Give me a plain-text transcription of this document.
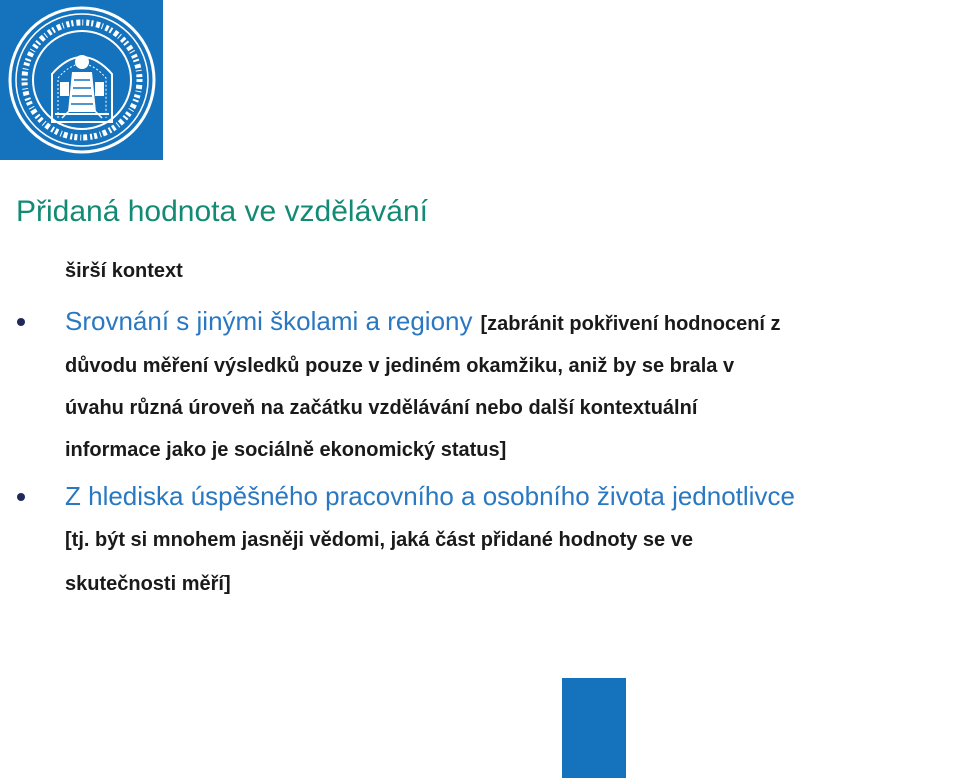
Přidaná hodnota ve vzdělávání
širší kontext
Srovnání s jinými školami a regiony [zabránit pokřivení hodnocení z
důvodu měření výsledků pouze v jediném okamžiku, aniž by se brala v
úvahu různá úroveň na začátku vzdělávání nebo další kontextuální
informace jako je sociálně ekonomický status]
Z hlediska úspěšného pracovního a osobního života jednotlivce
[tj. být si mnohem jasněji vědomi, jaká část přidané hodnoty se ve
skutečnosti měří]
